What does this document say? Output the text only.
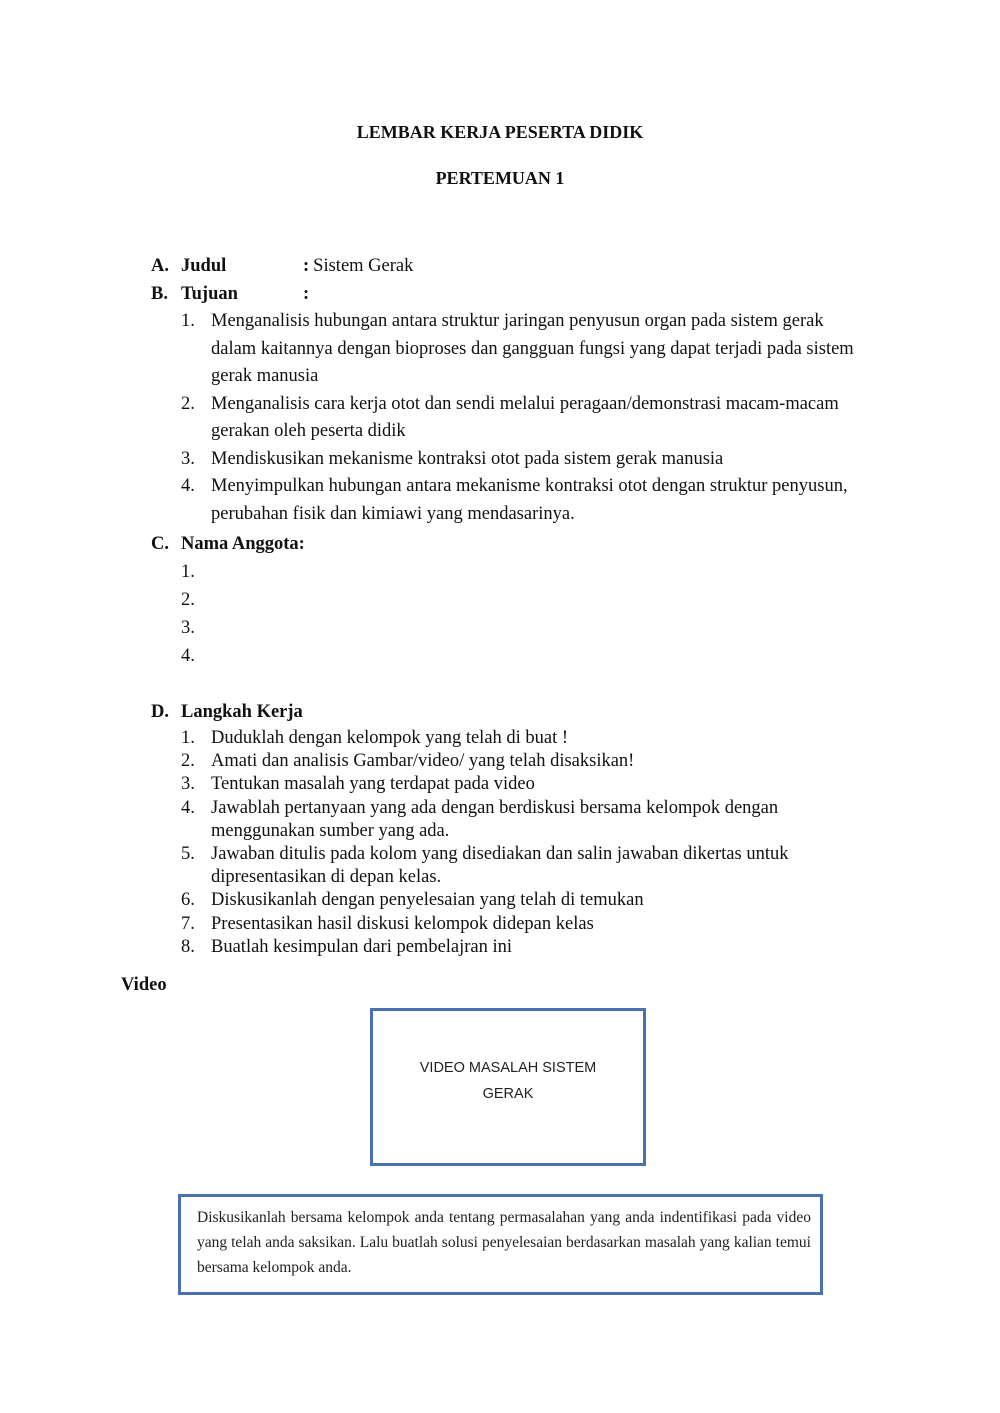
LEMBAR KERJA PESERTA DIDIK
PERTEMUAN 1
A. Judul	: Sistem Gerak
B. Tujuan	:
1. Menganalisis hubungan antara struktur jaringan penyusun organ pada sistem gerak dalam kaitannya dengan bioproses dan gangguan fungsi yang dapat terjadi pada sistem gerak manusia
2. Menganalisis cara kerja otot dan sendi melalui peragaan/demonstrasi macam-macam gerakan oleh peserta didik
3. Mendiskusikan mekanisme kontraksi otot pada sistem gerak manusia
4. Menyimpulkan hubungan antara mekanisme kontraksi otot dengan struktur penyusun, perubahan fisik dan kimiawi yang mendasarinya.
C. Nama Anggota:
1.
2.
3.
4.
D. Langkah Kerja
1. Duduklah dengan kelompok yang telah di buat !
2. Amati dan analisis Gambar/video/ yang telah disaksikan!
3. Tentukan masalah yang terdapat pada video
4. Jawablah pertanyaan yang ada dengan berdiskusi bersama kelompok dengan menggunakan sumber yang ada.
5. Jawaban ditulis pada kolom yang disediakan dan salin jawaban dikertas untuk dipresentasikan di depan kelas.
6. Diskusikanlah dengan penyelesaian yang telah di temukan
7. Presentasikan hasil diskusi kelompok didepan kelas
8. Buatlah kesimpulan dari pembelajran ini
Video
VIDEO MASALAH SISTEM
GERAK
Diskusikanlah bersama kelompok anda tentang permasalahan yang anda indentifikasi pada video yang telah anda saksikan. Lalu buatlah solusi penyelesaian berdasarkan masalah yang kalian temui bersama kelompok anda.
